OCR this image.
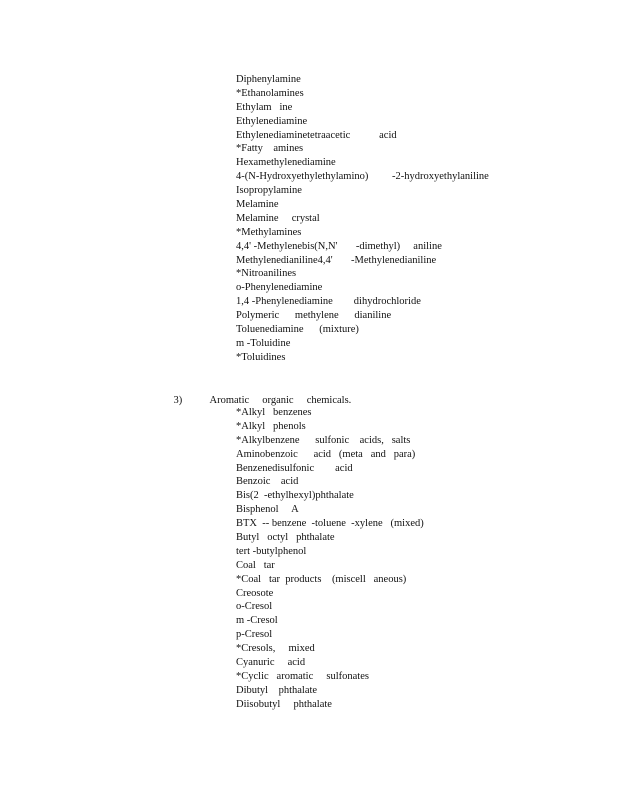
Diphenylamine
*Ethanolamines
Ethylam   ine
Ethylenediamine
Ethylenediaminetetraacetic           acid
*Fatty    amines
Hexamethylenediamine
4-(N-Hydroxyethylethylamino)         -2-hydroxyethylaniline
Isopropylamine
Melamine
Melamine     crystal
*Methylamines
4,4' -Methylenebis(N,N'       -dimethyl)     aniline
Methylenedianiline4,4'       -Methylenedianiline
*Nitroanilines
o-Phenylenediamine
1,4 -Phenylenediamine        dihydrochloride
Polymeric      methylene      dianiline
Toluenediamine      (mixture)
m -Toluidine
*Toluidines

3)	Aromatic     organic     chemicals.

*Alkyl   benzenes
*Alkyl   phenols
*Alkylbenzene      sulfonic    acids,   salts
Aminobenzoic      acid   (meta   and   para)
Benzenedisulfonic        acid
Benzoic    acid
Bis(2  -ethylhexyl)phthalate
Bisphenol     A
BTX  -- benzene  -toluene  -xylene   (mixed)
Butyl   octyl   phthalate
tert -butylphenol
Coal   tar
*Coal   tar  products    (miscell   aneous)
Creosote
o-Cresol
m -Cresol
p-Cresol
*Cresols,     mixed
Cyanuric     acid
*Cyclic   aromatic     sulfonates
Dibutyl    phthalate
Diisobutyl     phthalate
